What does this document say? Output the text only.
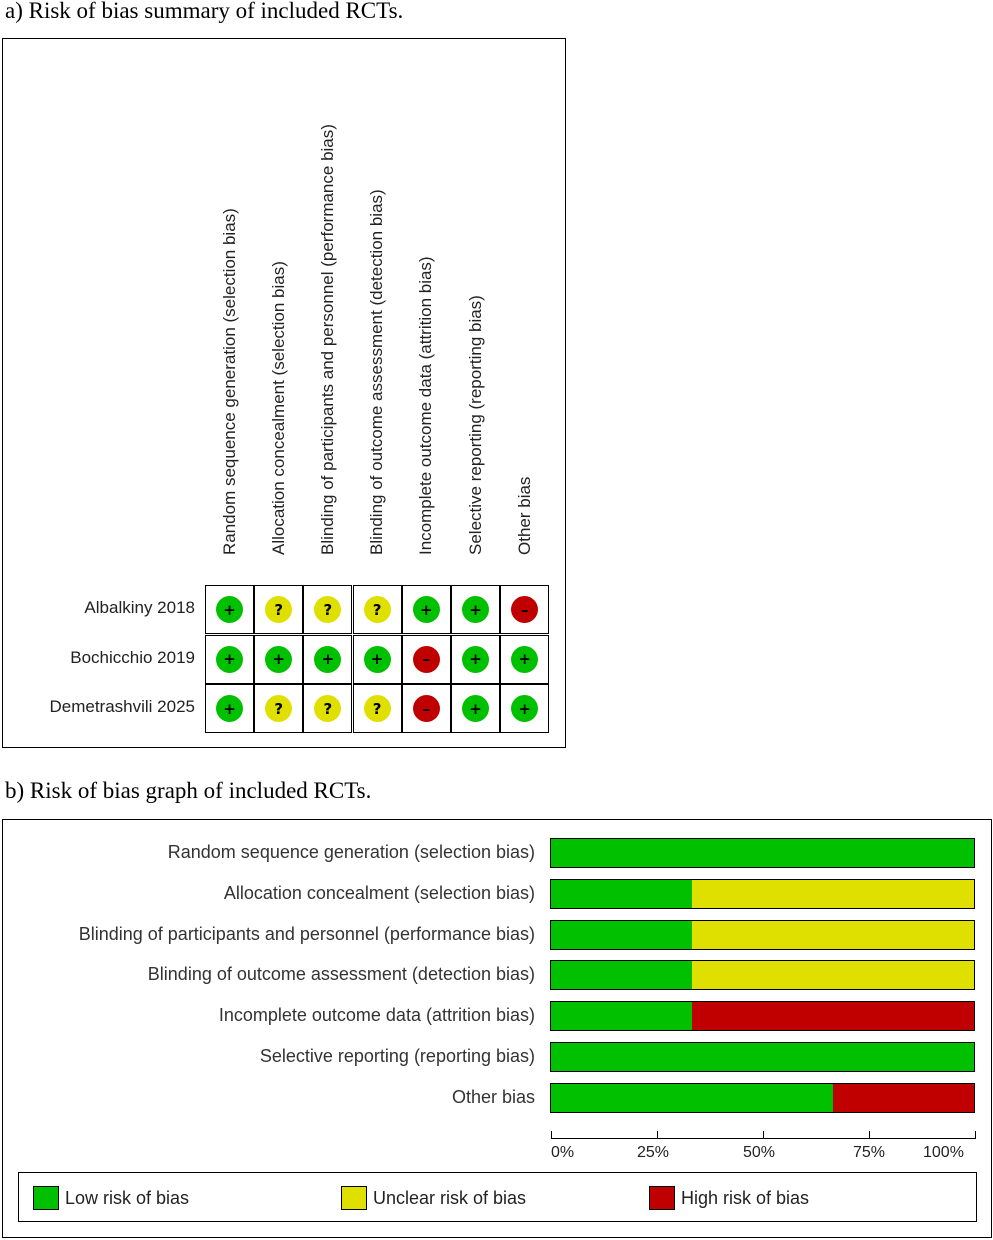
a) Risk of bias summary of included RCTs.
Random sequence generation (selection bias) Allocation concealment (selection bias) Blinding of participants and personnel (performance bias) Blinding of outcome assessment (detection bias) Incomplete outcome data (attrition bias) Selective reporting (reporting bias) Other bias
Albalkiny 2018	+	?	?	?	+	+	–
Bochicchio 2019	+	+	+	+	–	+	+
Demetrashvili 2025	+	?	?	?	–	+	+
b) Risk of bias graph of included RCTs.
Random sequence generation (selection bias)
Allocation concealment (selection bias)
Blinding of participants and personnel (performance bias)
Blinding of outcome assessment (detection bias)
Incomplete outcome data (attrition bias)
Selective reporting (reporting bias)
Other bias
0%	25%	50%	75% 100%
Low risk of bias	Unclear risk of bias	High risk of bias
